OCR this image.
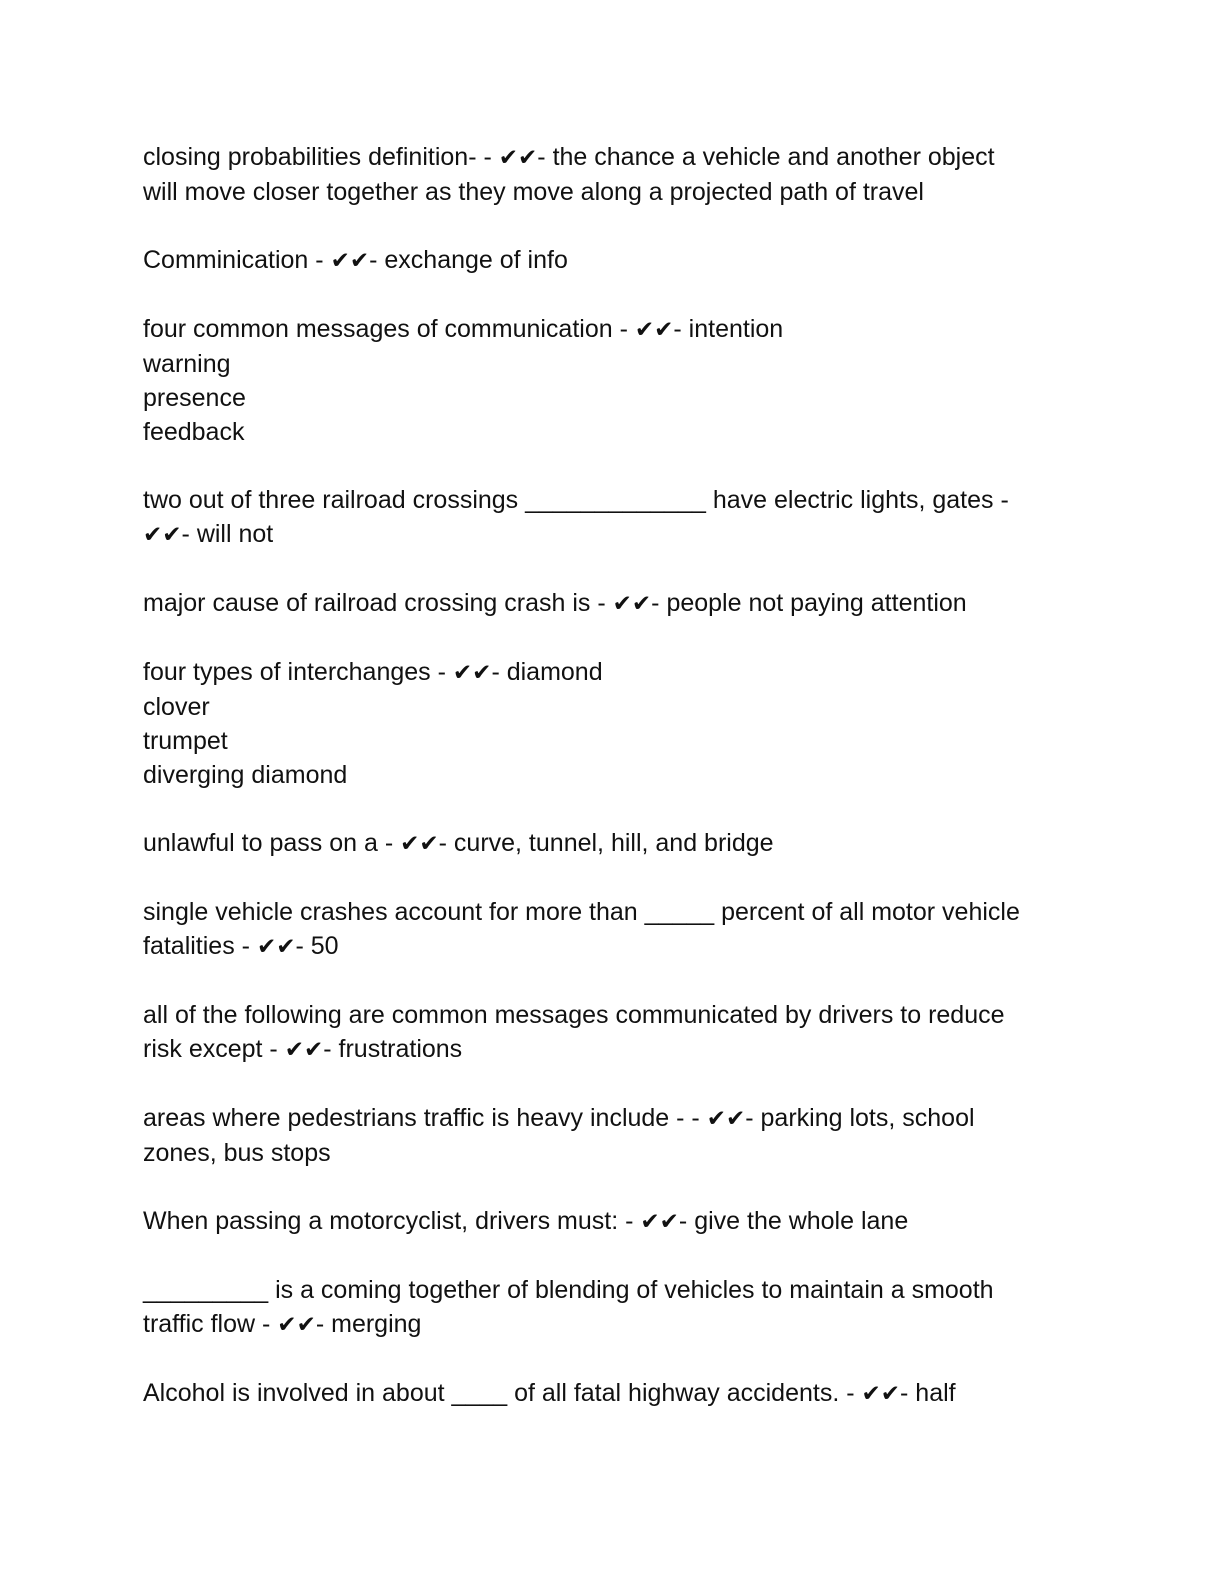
closing probabilities definition- - ✔✔- the chance a vehicle and another object
will move closer together as they move along a projected path of travel
Comminication - ✔✔- exchange of info
four common messages of communication - ✔✔- intention
warning
presence
feedback
two out of three railroad crossings _____________ have electric lights, gates -
✔✔- will not
major cause of railroad crossing crash is - ✔✔- people not paying attention
four types of interchanges - ✔✔- diamond
clover
trumpet
diverging diamond
unlawful to pass on a - ✔✔- curve, tunnel, hill, and bridge
single vehicle crashes account for more than _____ percent of all motor vehicle
fatalities - ✔✔- 50
all of the following are common messages communicated by drivers to reduce
risk except - ✔✔- frustrations
areas where pedestrians traffic is heavy include - - ✔✔- parking lots, school
zones, bus stops
When passing a motorcyclist, drivers must: - ✔✔- give the whole lane
_________ is a coming together of blending of vehicles to maintain a smooth
traffic flow - ✔✔- merging
Alcohol is involved in about ____ of all fatal highway accidents. - ✔✔- half
